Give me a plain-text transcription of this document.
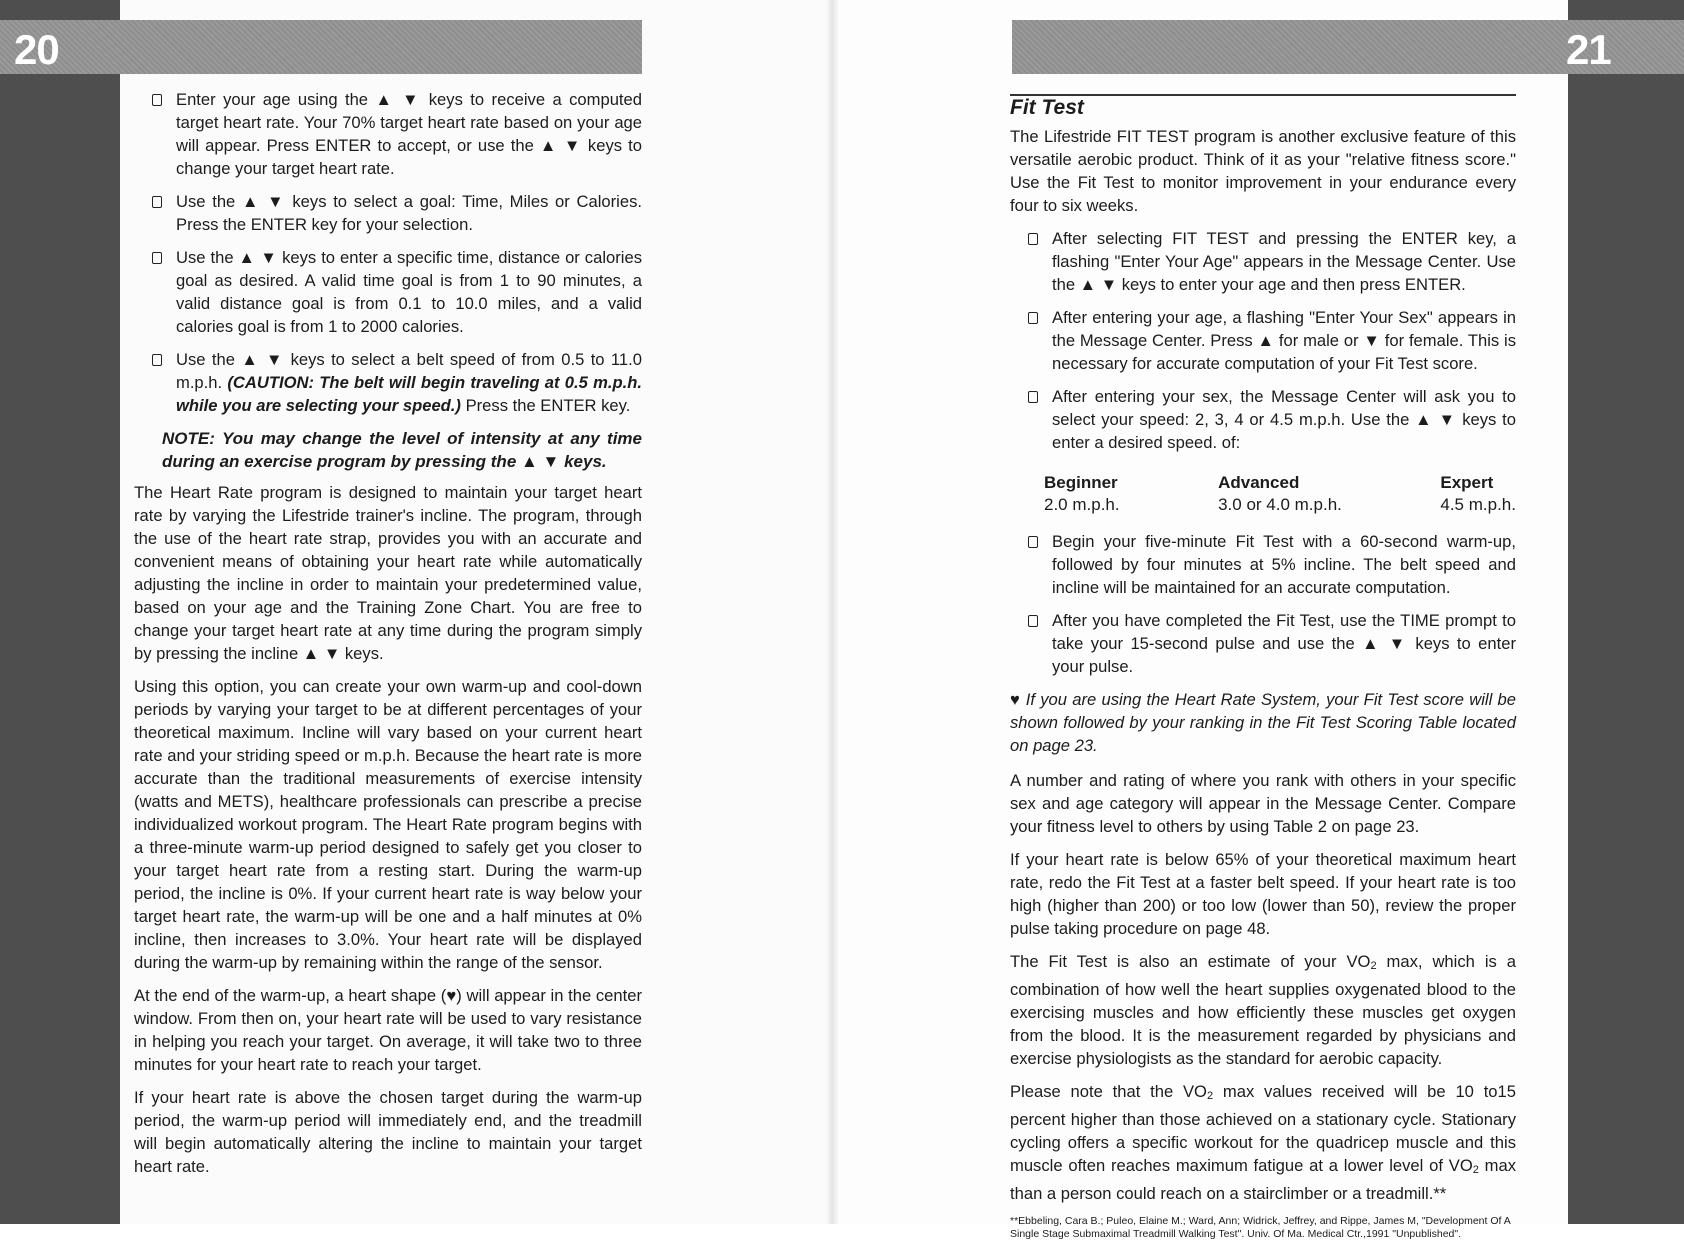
20	21
Enter your age using the ▲ ▼ keys to receive a computed target heart rate. Your 70% target heart rate based on your age will appear. Press ENTER to accept, or use the ▲ ▼ keys to change your target heart rate.
Use the ▲ ▼ keys to select a goal: Time, Miles or Calories. Press the ENTER key for your selection.
Use the ▲ ▼ keys to enter a specific time, distance or calories goal as desired. A valid time goal is from 1 to 90 minutes, a valid distance goal is from 0.1 to 10.0 miles, and a valid calories goal is from 1 to 2000 calories.
Use the ▲ ▼ keys to select a belt speed of from 0.5 to 11.0 m.p.h. (CAUTION: The belt will begin traveling at 0.5 m.p.h. while you are selecting your speed.) Press the ENTER key.
NOTE: You may change the level of intensity at any time during an exercise program by pressing the ▲ ▼ keys.

The Heart Rate program is designed to maintain your target heart rate by varying the Lifestride trainer's incline. The program, through the use of the heart rate strap, provides you with an accurate and convenient means of obtaining your heart rate while automatically adjusting the incline in order to maintain your predetermined value, based on your age and the Training Zone Chart. You are free to change your target heart rate at any time during the program simply by pressing the incline ▲ ▼ keys.

Using this option, you can create your own warm-up and cool-down periods by varying your target to be at different percentages of your theoretical maximum. Incline will vary based on your current heart rate and your striding speed or m.p.h. Because the heart rate is more accurate than the traditional measurements of exercise intensity (watts and METS), healthcare professionals can prescribe a precise individualized workout program. The Heart Rate program begins with a three-minute warm-up period designed to safely get you closer to your target heart rate from a resting start. During the warm-up period, the incline is 0%. If your current heart rate is way below your target heart rate, the warm-up will be one and a half minutes at 0% incline, then increases to 3.0%. Your heart rate will be displayed during the warm-up by remaining within the range of the sensor.

At the end of the warm-up, a heart shape (♥) will appear in the center window. From then on, your heart rate will be used to vary resistance in helping you reach your target. On average, it will take two to three minutes for your heart rate to reach your target.

If your heart rate is above the chosen target during the warm-up period, the warm-up period will immediately end, and the treadmill will begin automatically altering the incline to maintain your target heart rate.

Fit Test

The Lifestride FIT TEST program is another exclusive feature of this versatile aerobic product. Think of it as your "relative fitness score." Use the Fit Test to monitor improvement in your endurance every four to six weeks.

After selecting FIT TEST and pressing the ENTER key, a flashing "Enter Your Age" appears in the Message Center. Use the ▲ ▼ keys to enter your age and then press ENTER.
After entering your age, a flashing "Enter Your Sex" appears in the Message Center. Press ▲ for male or ▼ for female. This is necessary for accurate computation of your Fit Test score.
After entering your sex, the Message Center will ask you to select your speed: 2, 3, 4 or 4.5 m.p.h. Use the ▲ ▼ keys to enter a desired speed. of:
Beginner
2.0 m.p.h.
Advanced
3.0 or 4.0 m.p.h.
Expert
4.5 m.p.h.
Begin your five-minute Fit Test with a 60-second warm-up, followed by four minutes at 5% incline. The belt speed and incline will be maintained for an accurate computation.
After you have completed the Fit Test, use the TIME prompt to take your 15-second pulse and use the ▲ ▼ keys to enter your pulse.

♥ If you are using the Heart Rate System, your Fit Test score will be shown followed by your ranking in the Fit Test Scoring Table located on page 23.

A number and rating of where you rank with others in your specific sex and age category will appear in the Message Center. Compare your fitness level to others by using Table 2 on page 23.

If your heart rate is below 65% of your theoretical maximum heart rate, redo the Fit Test at a faster belt speed. If your heart rate is too high (higher than 200) or too low (lower than 50), review the proper pulse taking procedure on page 48.

The Fit Test is also an estimate of your $VO_2$ max, which is a combination of how well the heart supplies oxygenated blood to the exercising muscles and how efficiently these muscles get oxygen from the blood. It is the measurement regarded by physicians and exercise physiologists as the standard for aerobic capacity.

Please note that the $VO_2$ max values received will be 10 to15 percent higher than those achieved on a stationary cycle. Stationary cycling offers a specific workout for the quadricep muscle and this muscle often reaches maximum fatigue at a lower level of $VO_2$ max than a person could reach on a stairclimber or a treadmill.**

**Ebbeling, Cara B.; Puleo, Elaine M.; Ward, Ann; Widrick, Jeffrey, and Rippe, James M, "Development Of A Single Stage Submaximal Treadmill Walking Test". Univ. Of Ma. Medical Ctr.,1991 "Unpublished".
